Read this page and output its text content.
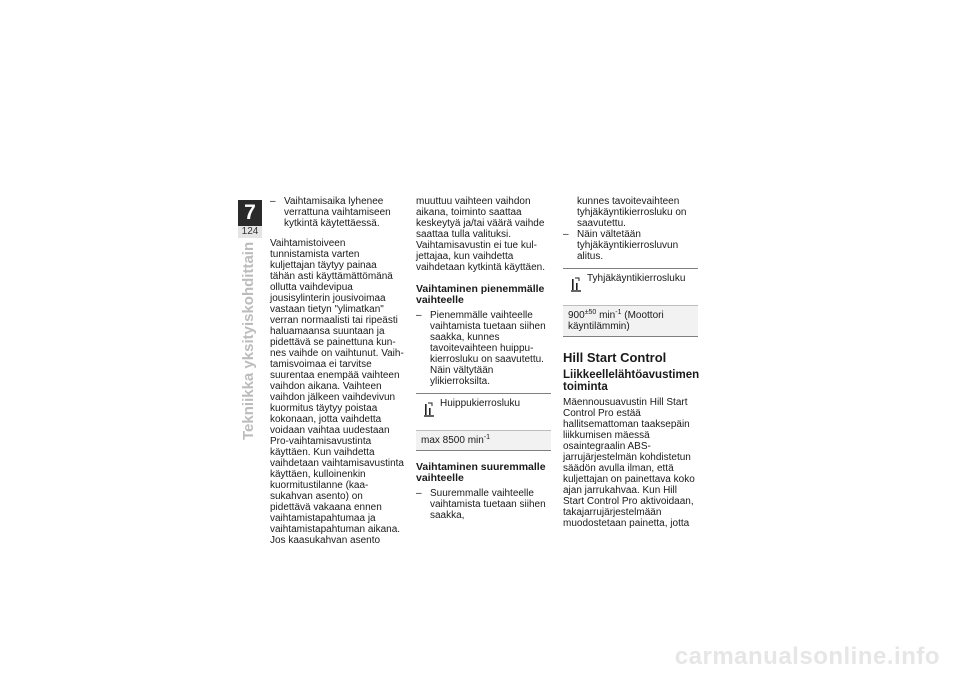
7
124
Tekniikka yksityiskohdittain
– Vaihtamisaika lyhenee verrattuna vaihtamiseen kytkintä käytettäessä.

Vaihtamistoiveen tunnistamista varten kuljettajan täytyy painaa tähän asti käyttämättömänä ollutta vaihdevipua jousisylinterin jousivoimaa vastaan tietyn "ylimatkan" verran normaalisti tai ripeästi haluamaansa suuntaan ja pidettävä se painettuna kunnes vaihde on vaihtunut. Vaihtamisvoimaa ei tarvitse suurentaa enempää vaihteen vaihdon aikana. Vaihteen vaihdon jälkeen vaihdevivun kuormitus täytyy poistaa kokonaan, jotta vaihdetta voidaan vaihtaa uudestaan Pro-vaihtamisavustinta käyttäen. Kun vaihdetta vaihdetaan vaihtamisavustinta käyttäen, kulloinenkin kuormitustilanne (kaasukahvan asento) on pidettävä vakaana ennen vaihtamistapahtumaa ja vaihtamistapahtuman aikana. Jos kaasukahvan asento

muuttuu vaihteen vaihdon aikana, toiminto saattaa keskeytyä ja/tai väärä vaihde saattaa tulla valituksi. Vaihtamisavustin ei tue kuljettajaa, kun vaihdetta vaihdetaan kytkintä käyttäen.

Vaihtaminen pienemmälle vaihteelle
– Pienemmälle vaihteelle vaihtamista tuetaan siihen saakka, kunnes tavoitevaihteen huippukierrosluku on saavutettu. Näin vältytään ylikierroksilta.
Huippukierrosluku
max 8500 $\min^{-1}$
Vaihtaminen suuremmalle vaihteelle
– Suuremmalle vaihteelle vaihtamista tuetaan siihen saakka,
kunnes tavoitevaihteen tyhjäkäyntikierrosluku on saavutettu.
– Näin vältetään tyhjäkäyntikierrosluvun alitus.
Tyhjäkäyntikierrosluku
$900^{\pm 50}$ $\min^{-1}$ (Moottori käyntilämmin)
Hill Start Control
Liikkeellelähtöavustimen toiminta

Mäennousuavustin Hill Start Control Pro estää hallitsemattoman taaksepäin liikkumisen mäessä osaintegraalin ABS-jarrujärjestelmän kohdistetun säädön avulla ilman, että kuljettajan on painettava koko ajan jarrukahvaa. Kun Hill Start Control Pro aktivoidaan, takajarrujärjestelmään muodostetaan painetta, jotta

carmanualsonline.info
